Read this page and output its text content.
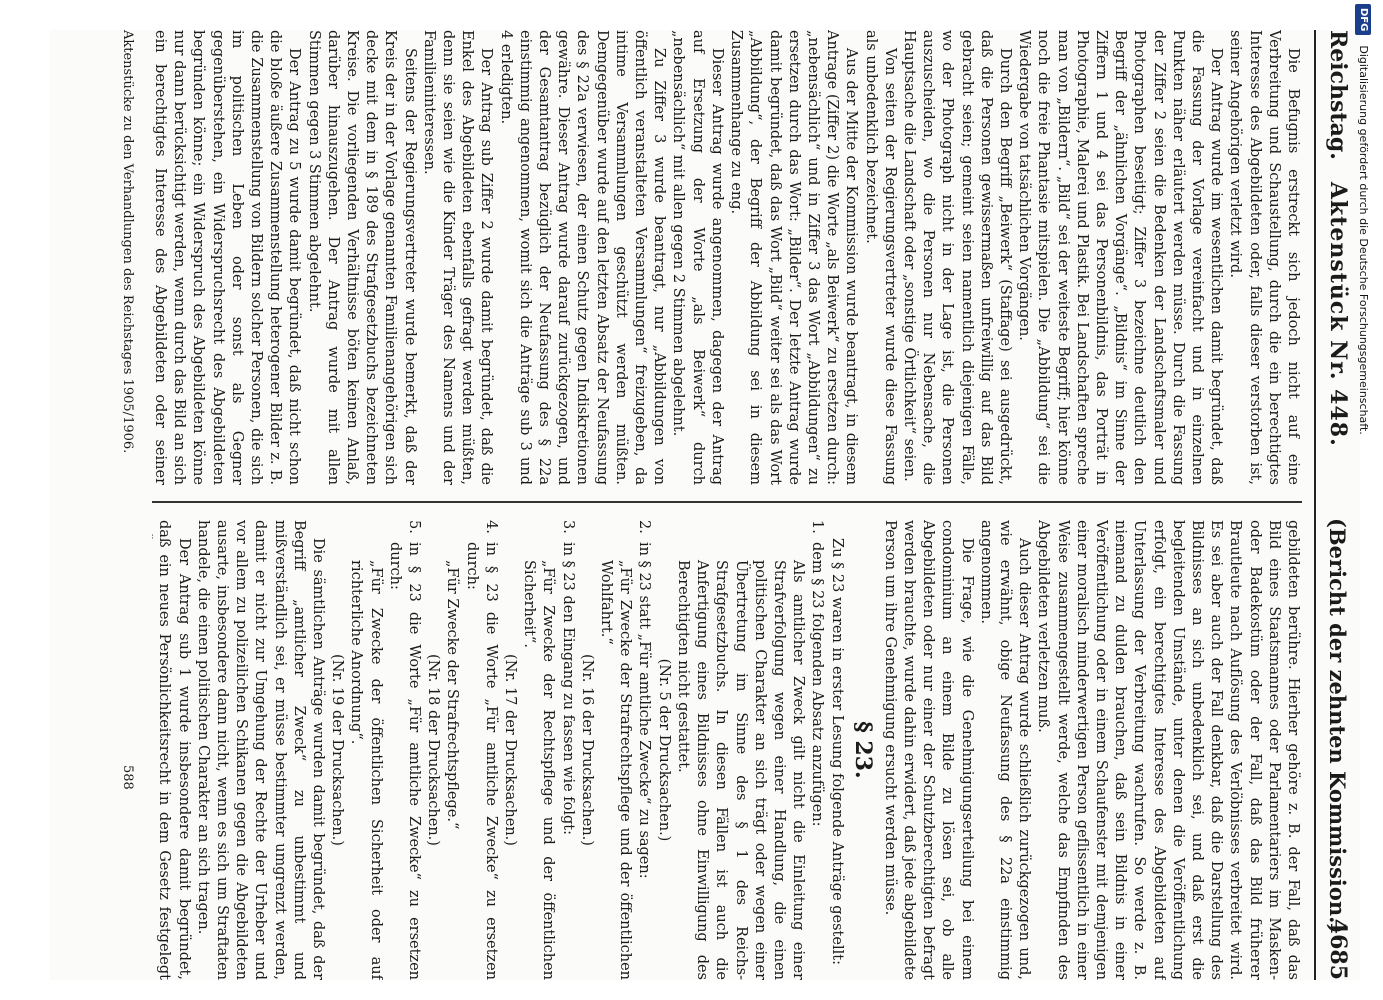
Reichstag.
Aktenstück Nr. 448.
(Bericht der zehnten Kommission.)
4685

Die Befugnis erstreckt sich jedoch nicht auf eine Verbreitung und Schaustellung, durch die ein berechtigtes Interesse des Abgebildeten oder, falls dieser verstorben ist, seiner Angehörigen verletzt wird.

Der Antrag wurde im wesentlichen damit begründet, daß die Fassung der Vorlage vereinfacht und in einzelnen Punkten näher erläutert werden müsse. Durch die Fassung der Ziffer 2 seien die Bedenken der Landschaftsmaler und Photographen beseitigt; Ziffer 3 bezeichne deutlich den Begriff der „ähnlichen Vorgänge“. „Bildnis“ im Sinne der Ziffern 1 und 4 sei das Personenbildnis, das Porträt in Photographie, Malerei und Plastik. Bei Landschaften spreche man von „Bildern“. „Bild“ sei der weiteste Begriff; hier könne noch die freie Phantasie mitspielen. Die „Abbildung“ sei die Wiedergabe von tatsächlichen Vorgängen.

Durch den Begriff „Beiwerk“ (Staffage) sei ausgedrückt, daß die Personen gewissermaßen unfreiwillig auf das Bild gebracht seien; gemeint seien namentlich diejenigen Fälle, wo der Photograph nicht in der Lage ist, die Personen auszuscheiden, wo die Personen nur Nebensache, die Hauptsache die Landschaft oder „sonstige Örtlichkeit“ seien.

Von seiten der Regierungsvertreter wurde diese Fassung als unbedenklich bezeichnet.

Aus der Mitte der Kommission wurde beantragt, in diesem Antrage (Ziffer 2) die Worte „als Beiwerk“ zu ersetzen durch: „nebensächlich“ und in Ziffer 3 das Wort „Abbildungen“ zu ersetzen durch das Wort: „Bilder“. Der letzte Antrag wurde damit begründet, daß das Wort „Bild“ weiter sei als das Wort „Abbildung“, der Begriff der Abbildung sei in diesem Zusammenhange zu eng.

Dieser Antrag wurde angenommen, dagegen der Antrag auf Ersetzung der Worte „als Beiwerk“ durch „nebensächlich“ mit allen gegen 2 Stimmen abgelehnt.

Zu Ziffer 3 wurde beantragt, nur „Abbildungen von öffentlich veranstalteten Versammlungen“ freizugeben, da intime Versammlungen geschützt werden müßten. Demgegenüber wurde auf den letzten Absatz der Neufassung des § 22a verwiesen, der einen Schutz gegen Indiskretionen gewähre. Dieser Antrag wurde darauf zurückgezogen, und der Gesamtantrag bezüglich der Neufassung des § 22a einstimmig angenommen, womit sich die Anträge sub 3 und 4 erledigten.

Der Antrag sub Ziffer 2 wurde damit begründet, daß die Enkel des Abgebildeten ebenfalls gefragt werden müßten, denn sie seien wie die Kinder Träger des Namens und der Familieninteressen.

Seitens der Regierungsvertreter wurde bemerkt, daß der Kreis der in der Vorlage genannten Familienangehörigen sich decke mit dem in § 189 des Strafgesetzbuchs bezeichneten Kreise. Die vorliegenden Verhältnisse böten keinen Anlaß, darüber hinauszugehen. Der Antrag wurde mit allen Stimmen gegen 3 Stimmen abgelehnt.

Der Antrag zu 5 wurde damit begründet, daß nicht schon die bloße äußere Zusammenstellung heterogener Bilder z. B. die Zusammenstellung von Bildern solcher Personen, die sich im politischen Leben oder sonst als Gegner gegenüberstehen, ein Widerspruchsrecht des Abgebildeten begründen könne; ein Widerspruch des Abgebildeten könne nur dann berücksichtigt werden, wenn durch das Bild an sich ein berechtigtes Interesse des Abgebildeten oder seiner

gebildeten berühre. Hierher gehöre z. B. der Fall, daß das Bild eines Staatsmannes oder Parlamentariers im Masken- oder Badekostüm oder der Fall, daß das Bild früherer Brautleute nach Auflösung des Verlöbnisses verbreitet wird. Es sei aber auch der Fall denkbar, daß die Darstellung des Bildnisses an sich unbedenklich sei, und daß erst die begleitenden Umstände, unter denen die Veröffentlichung erfolgt, ein berechtigtes Interesse des Abgebildeten auf Unterlassung der Verbreitung wachrufen. So werde z. B. niemand zu dulden brauchen, daß sein Bildnis in einer Veröffentlichung oder in einem Schaufenster mit demjenigen einer moralisch minderwertigen Person geflissentlich in einer Weise zusammengestellt werde, welche das Empfinden des Abgebildeten verletzen muß.

Auch dieser Antrag wurde schließlich zurückgezogen und, wie erwähnt, obige Neufassung des § 22a einstimmig angenommen.

Die Frage, wie die Genehmigungserteilung bei einem condominium an einem Bilde zu lösen sei, ob alle Abgebildeten oder nur einer der Schutzberechtigten befragt werden brauchte, wurde dahin erwidert, daß jede abgebildete Person um ihre Genehmigung ersucht werden müsse.

§ 23.

Zu § 23 waren in erster Lesung folgende Anträge gestellt:

1.
dem § 23 folgenden Absatz anzufügen:

Als amtlicher Zweck gilt nicht die Einleitung einer Strafverfolgung wegen einer Handlung, die einen politischen Charakter an sich trägt oder wegen einer Übertretung im Sinne des § 1 des Reichs-Strafgesetzbuchs. In diesen Fällen ist auch die Anfertigung eines Bildnisses ohne Einwilligung des Berechtigten nicht gestattet.

(Nr. 5 der Drucksachen.)

2.
in § 23 statt „Für amtliche Zwecke“ zu sagen:

„Für Zwecke der Strafrechtspflege und der öffentlichen Wohlfahrt.“

(Nr. 16 der Drucksachen.)

3.
in § 23 den Eingang zu fassen wie folgt:

„Für Zwecke der Rechtspflege und der öffentlichen Sicherheit“.

(Nr. 17 der Drucksachen.)

4.
in § 23 die Worte „Für amtliche Zwecke“ zu ersetzen durch:

„Für Zwecke der Strafrechtspflege.“

(Nr. 18 der Drucksachen.)

5.
in § 23 die Worte „Für amtliche Zwecke“ zu ersetzen durch:

„Für Zwecke der öffentlichen Sicherheit oder auf richterliche Anordnung“.

(Nr. 19 der Drucksachen.)

Die sämtlichen Anträge wurden damit begründet, daß der Begriff „amtlicher Zweck“ zu unbestimmt und mißverständlich sei, er müsse bestimmter umgrenzt werden, damit er nicht zur Umgehung der Rechte der Urheber und vor allem zu polizeilichen Schikanen gegen die Abgebildeten ausarte, insbesondere dann nicht, wenn es sich um Straftaten handele, die einen politischen Charakter an sich tragen.

Der Antrag sub 1 wurde insbesondere damit begründet, daß ein neues Persönlichkeitsrecht in dem Gesetz festgelegt

Aktenstücke zu den Verhandlungen des Reichstages 1905/1906.
588
DFG
Digitalisierung gefördert durch die Deutsche Forschungsgemeinschaft.
